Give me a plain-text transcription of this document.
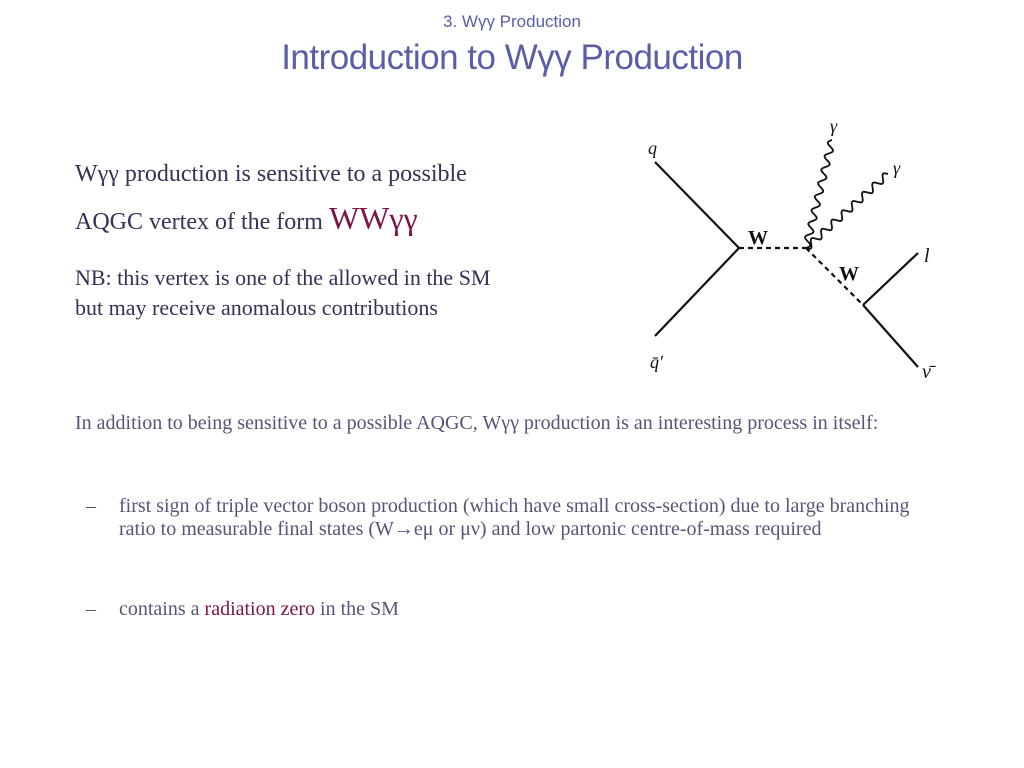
3. Wγγ Production
Introduction to Wγγ Production
Wγγ production is sensitive to a possible
AQGC vertex of the form WWγγ
NB: this vertex is one of the allowed in the SM
but may receive anomalous contributions
q
q̄′
W
W
γ
γ
l
ν̄
In addition to being sensitive to a possible AQGC, Wγγ production is an interesting process in itself:
– first sign of triple vector boson production (which have small cross-section) due to large branching ratio to measurable final states (W→eμ or μν) and low partonic centre-of-mass required
– contains a radiation zero in the SM
